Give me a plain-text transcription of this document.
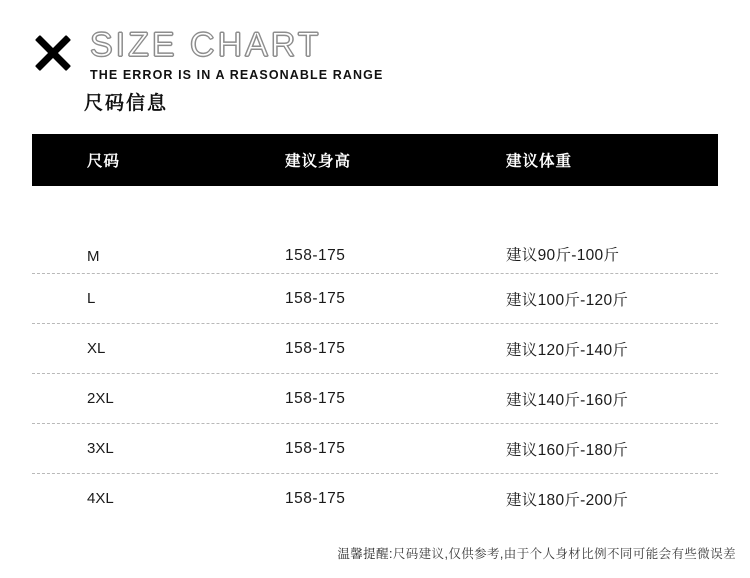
SIZE CHART
THE ERROR IS IN A REASONABLE RANGE
尺码信息
尺码	建议身高	建议体重
M	158-175	建议90斤-100斤
L	158-175	建议100斤-120斤
XL	158-175	建议120斤-140斤
2XL	158-175	建议140斤-160斤
3XL	158-175	建议160斤-180斤
4XL	158-175	建议180斤-200斤
温馨提醒:尺码建议,仅供参考,由于个人身材比例不同可能会有些微误差
